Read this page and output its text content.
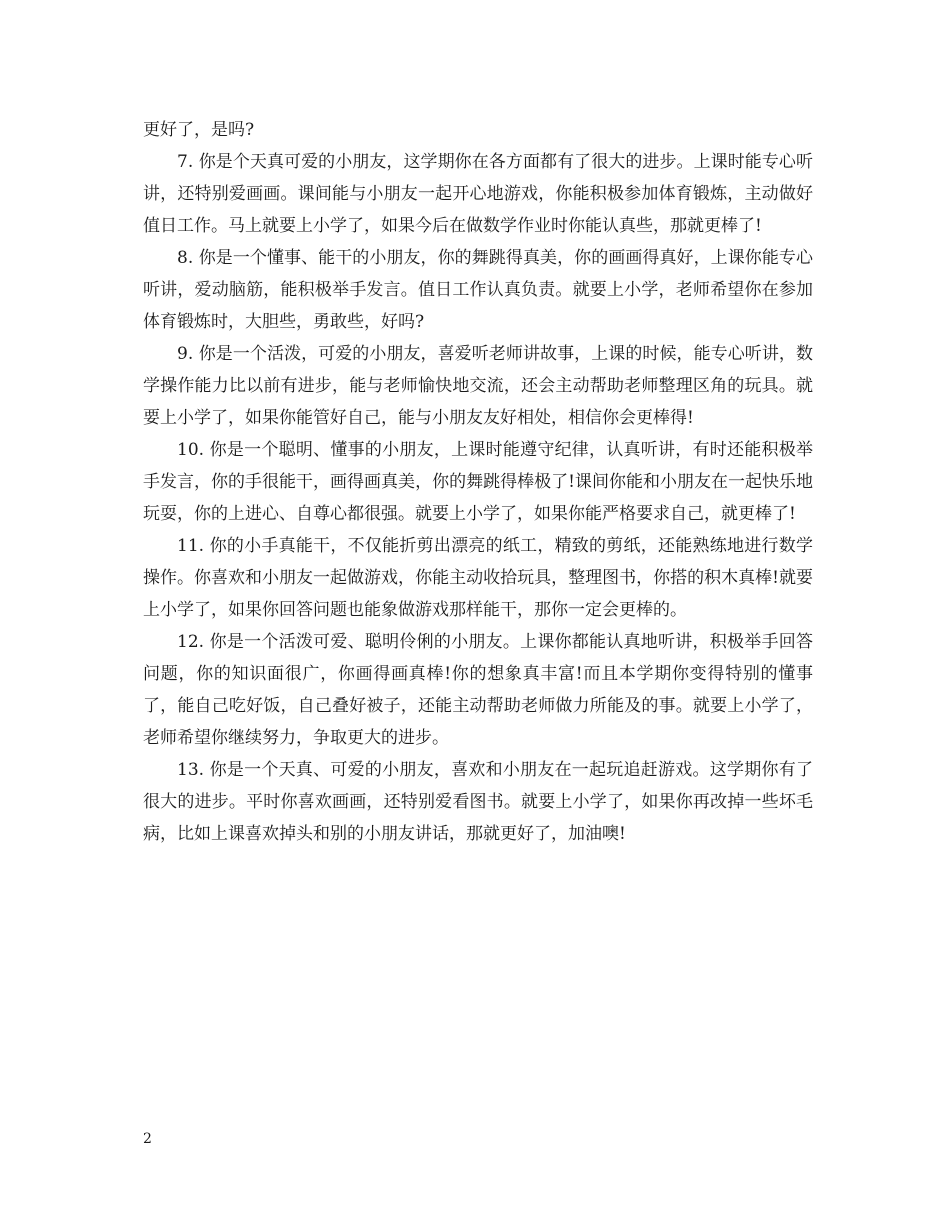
更好了，是吗?

7. 你是个天真可爱的小朋友，这学期你在各方面都有了很大的进步。上课时能专心听讲，还特别爱画画。课间能与小朋友一起开心地游戏，你能积极参加体育锻炼，主动做好值日工作。马上就要上小学了，如果今后在做数学作业时你能认真些，那就更棒了!

8. 你是一个懂事、能干的小朋友，你的舞跳得真美，你的画画得真好，上课你能专心听讲，爱动脑筋，能积极举手发言。值日工作认真负责。就要上小学，老师希望你在参加体育锻炼时，大胆些，勇敢些，好吗?

9. 你是一个活泼，可爱的小朋友，喜爱听老师讲故事，上课的时候，能专心听讲，数学操作能力比以前有进步，能与老师愉快地交流，还会主动帮助老师整理区角的玩具。就要上小学了，如果你能管好自己，能与小朋友友好相处，相信你会更棒得!

10. 你是一个聪明、懂事的小朋友，上课时能遵守纪律，认真听讲，有时还能积极举手发言，你的手很能干，画得画真美，你的舞跳得棒极了!课间你能和小朋友在一起快乐地玩耍，你的上进心、自尊心都很强。就要上小学了，如果你能严格要求自己，就更棒了!

11. 你的小手真能干，不仅能折剪出漂亮的纸工，精致的剪纸，还能熟练地进行数学操作。你喜欢和小朋友一起做游戏，你能主动收拾玩具，整理图书，你搭的积木真棒!就要上小学了，如果你回答问题也能象做游戏那样能干，那你一定会更棒的。

12. 你是一个活泼可爱、聪明伶俐的小朋友。上课你都能认真地听讲，积极举手回答问题，你的知识面很广，你画得画真棒!你的想象真丰富!而且本学期你变得特别的懂事了，能自己吃好饭，自己叠好被子，还能主动帮助老师做力所能及的事。就要上小学了，老师希望你继续努力，争取更大的进步。

13. 你是一个天真、可爱的小朋友，喜欢和小朋友在一起玩追赶游戏。这学期你有了很大的进步。平时你喜欢画画，还特别爱看图书。就要上小学了，如果你再改掉一些坏毛病，比如上课喜欢掉头和别的小朋友讲话，那就更好了，加油噢!

2
